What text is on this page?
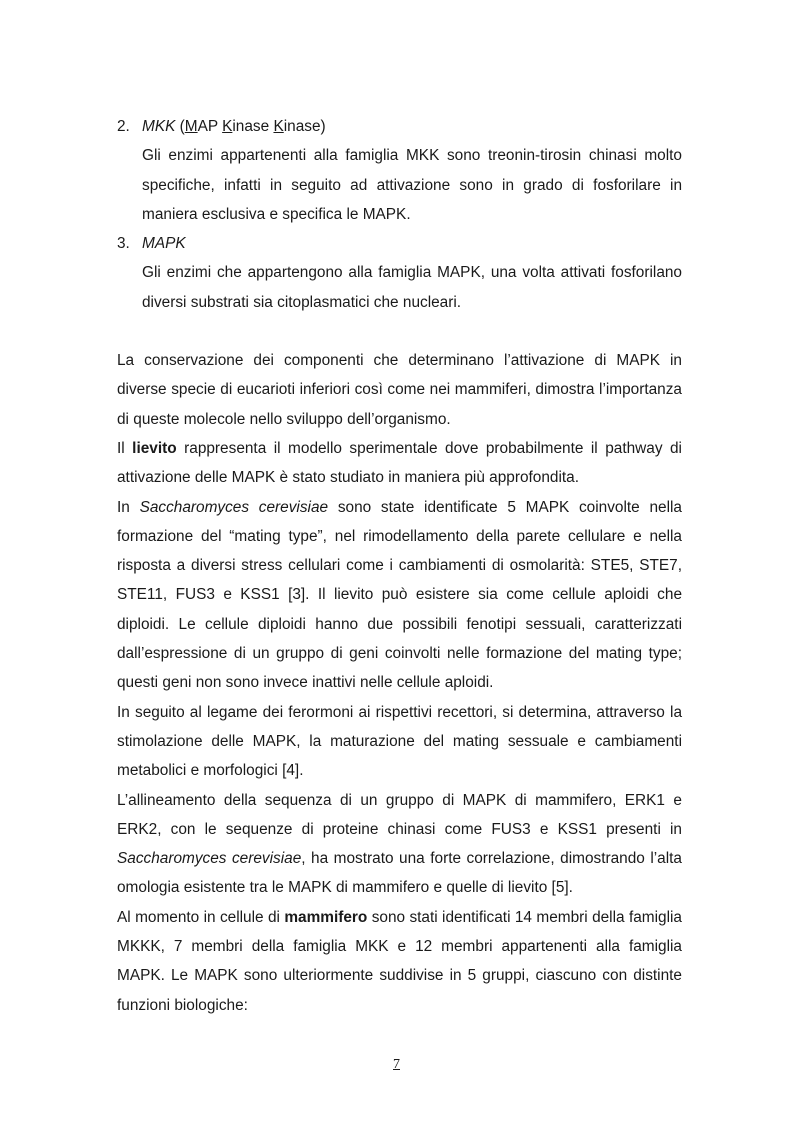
2. MKK (MAP Kinase Kinase)
Gli enzimi appartenenti alla famiglia MKK sono treonin-tirosin chinasi molto specifiche, infatti in seguito ad attivazione sono in grado di fosforilare in maniera esclusiva e specifica le MAPK.
3. MAPK
Gli enzimi che appartengono alla famiglia MAPK, una volta attivati fosforilano diversi substrati sia citoplasmatici che nucleari.

La conservazione dei componenti che determinano l’attivazione di MAPK in diverse specie di eucarioti inferiori così come nei mammiferi, dimostra l’importanza di queste molecole nello sviluppo dell’organismo.

Il lievito rappresenta il modello sperimentale dove probabilmente il pathway di attivazione delle MAPK è stato studiato in maniera più approfondita.

In Saccharomyces cerevisiae sono state identificate 5 MAPK coinvolte nella formazione del “mating type”, nel rimodellamento della parete cellulare e nella risposta a diversi stress cellulari come i cambiamenti di osmolarità: STE5, STE7, STE11, FUS3 e KSS1 [3]. Il lievito può esistere sia come cellule aploidi che diploidi. Le cellule diploidi hanno due possibili fenotipi sessuali, caratterizzati dall’espressione di un gruppo di geni coinvolti nelle formazione del mating type; questi geni non sono invece inattivi nelle cellule aploidi.

In seguito al legame dei ferormoni ai rispettivi recettori, si determina, attraverso la stimolazione delle MAPK, la maturazione del mating sessuale e cambiamenti metabolici e morfologici [4].

L’allineamento della sequenza di un gruppo di MAPK di mammifero, ERK1 e ERK2, con le sequenze di proteine chinasi come FUS3 e KSS1 presenti in Saccharomyces cerevisiae, ha mostrato una forte correlazione, dimostrando l’alta omologia esistente tra le MAPK di mammifero e quelle di lievito [5].

Al momento in cellule di mammifero sono stati identificati 14 membri della famiglia MKKK, 7 membri della famiglia MKK e 12 membri appartenenti alla famiglia MAPK. Le MAPK sono ulteriormente suddivise in 5 gruppi, ciascuno con distinte funzioni biologiche:

7
